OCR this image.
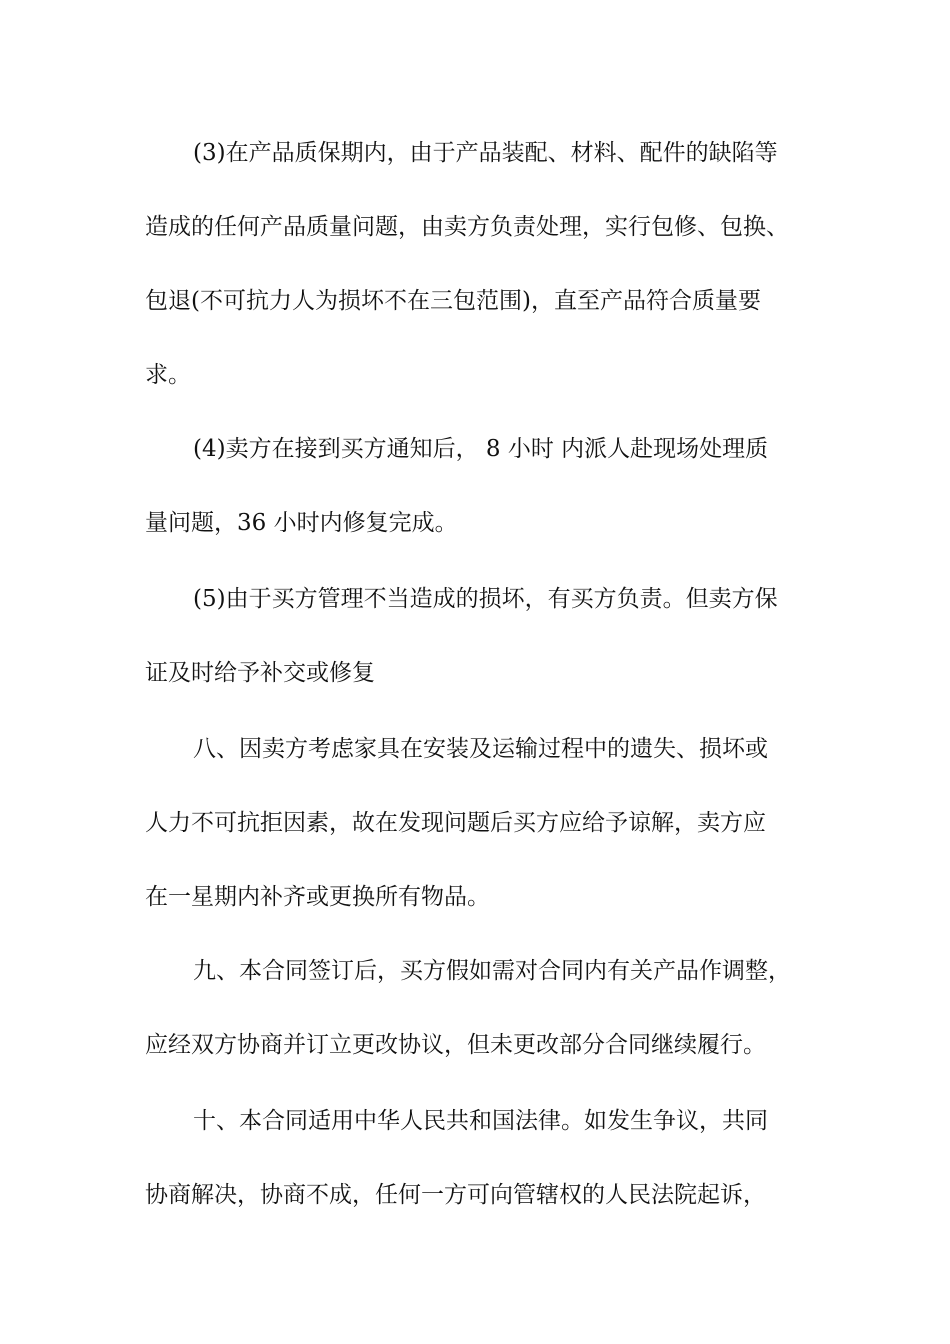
(3)在产品质保期内，由于产品装配、材料、配件的缺陷等
造成的任何产品质量问题，由卖方负责处理，实行包修、包换、
包退(不可抗力人为损坏不在三包范围)，直至产品符合质量要
求。
(4)卖方在接到买方通知后， 8 小时 内派人赴现场处理质
量问题，36 小时内修复完成。
(5)由于买方管理不当造成的损坏，有买方负责。但卖方保
证及时给予补交或修复
八、因卖方考虑家具在安装及运输过程中的遗失、损坏或
人力不可抗拒因素，故在发现问题后买方应给予谅解，卖方应
在一星期内补齐或更换所有物品。
九、本合同签订后，买方假如需对合同内有关产品作调整，
应经双方协商并订立更改协议，但未更改部分合同继续履行。
十、本合同适用中华人民共和国法律。如发生争议，共同
协商解决，协商不成，任何一方可向管辖权的人民法院起诉，
